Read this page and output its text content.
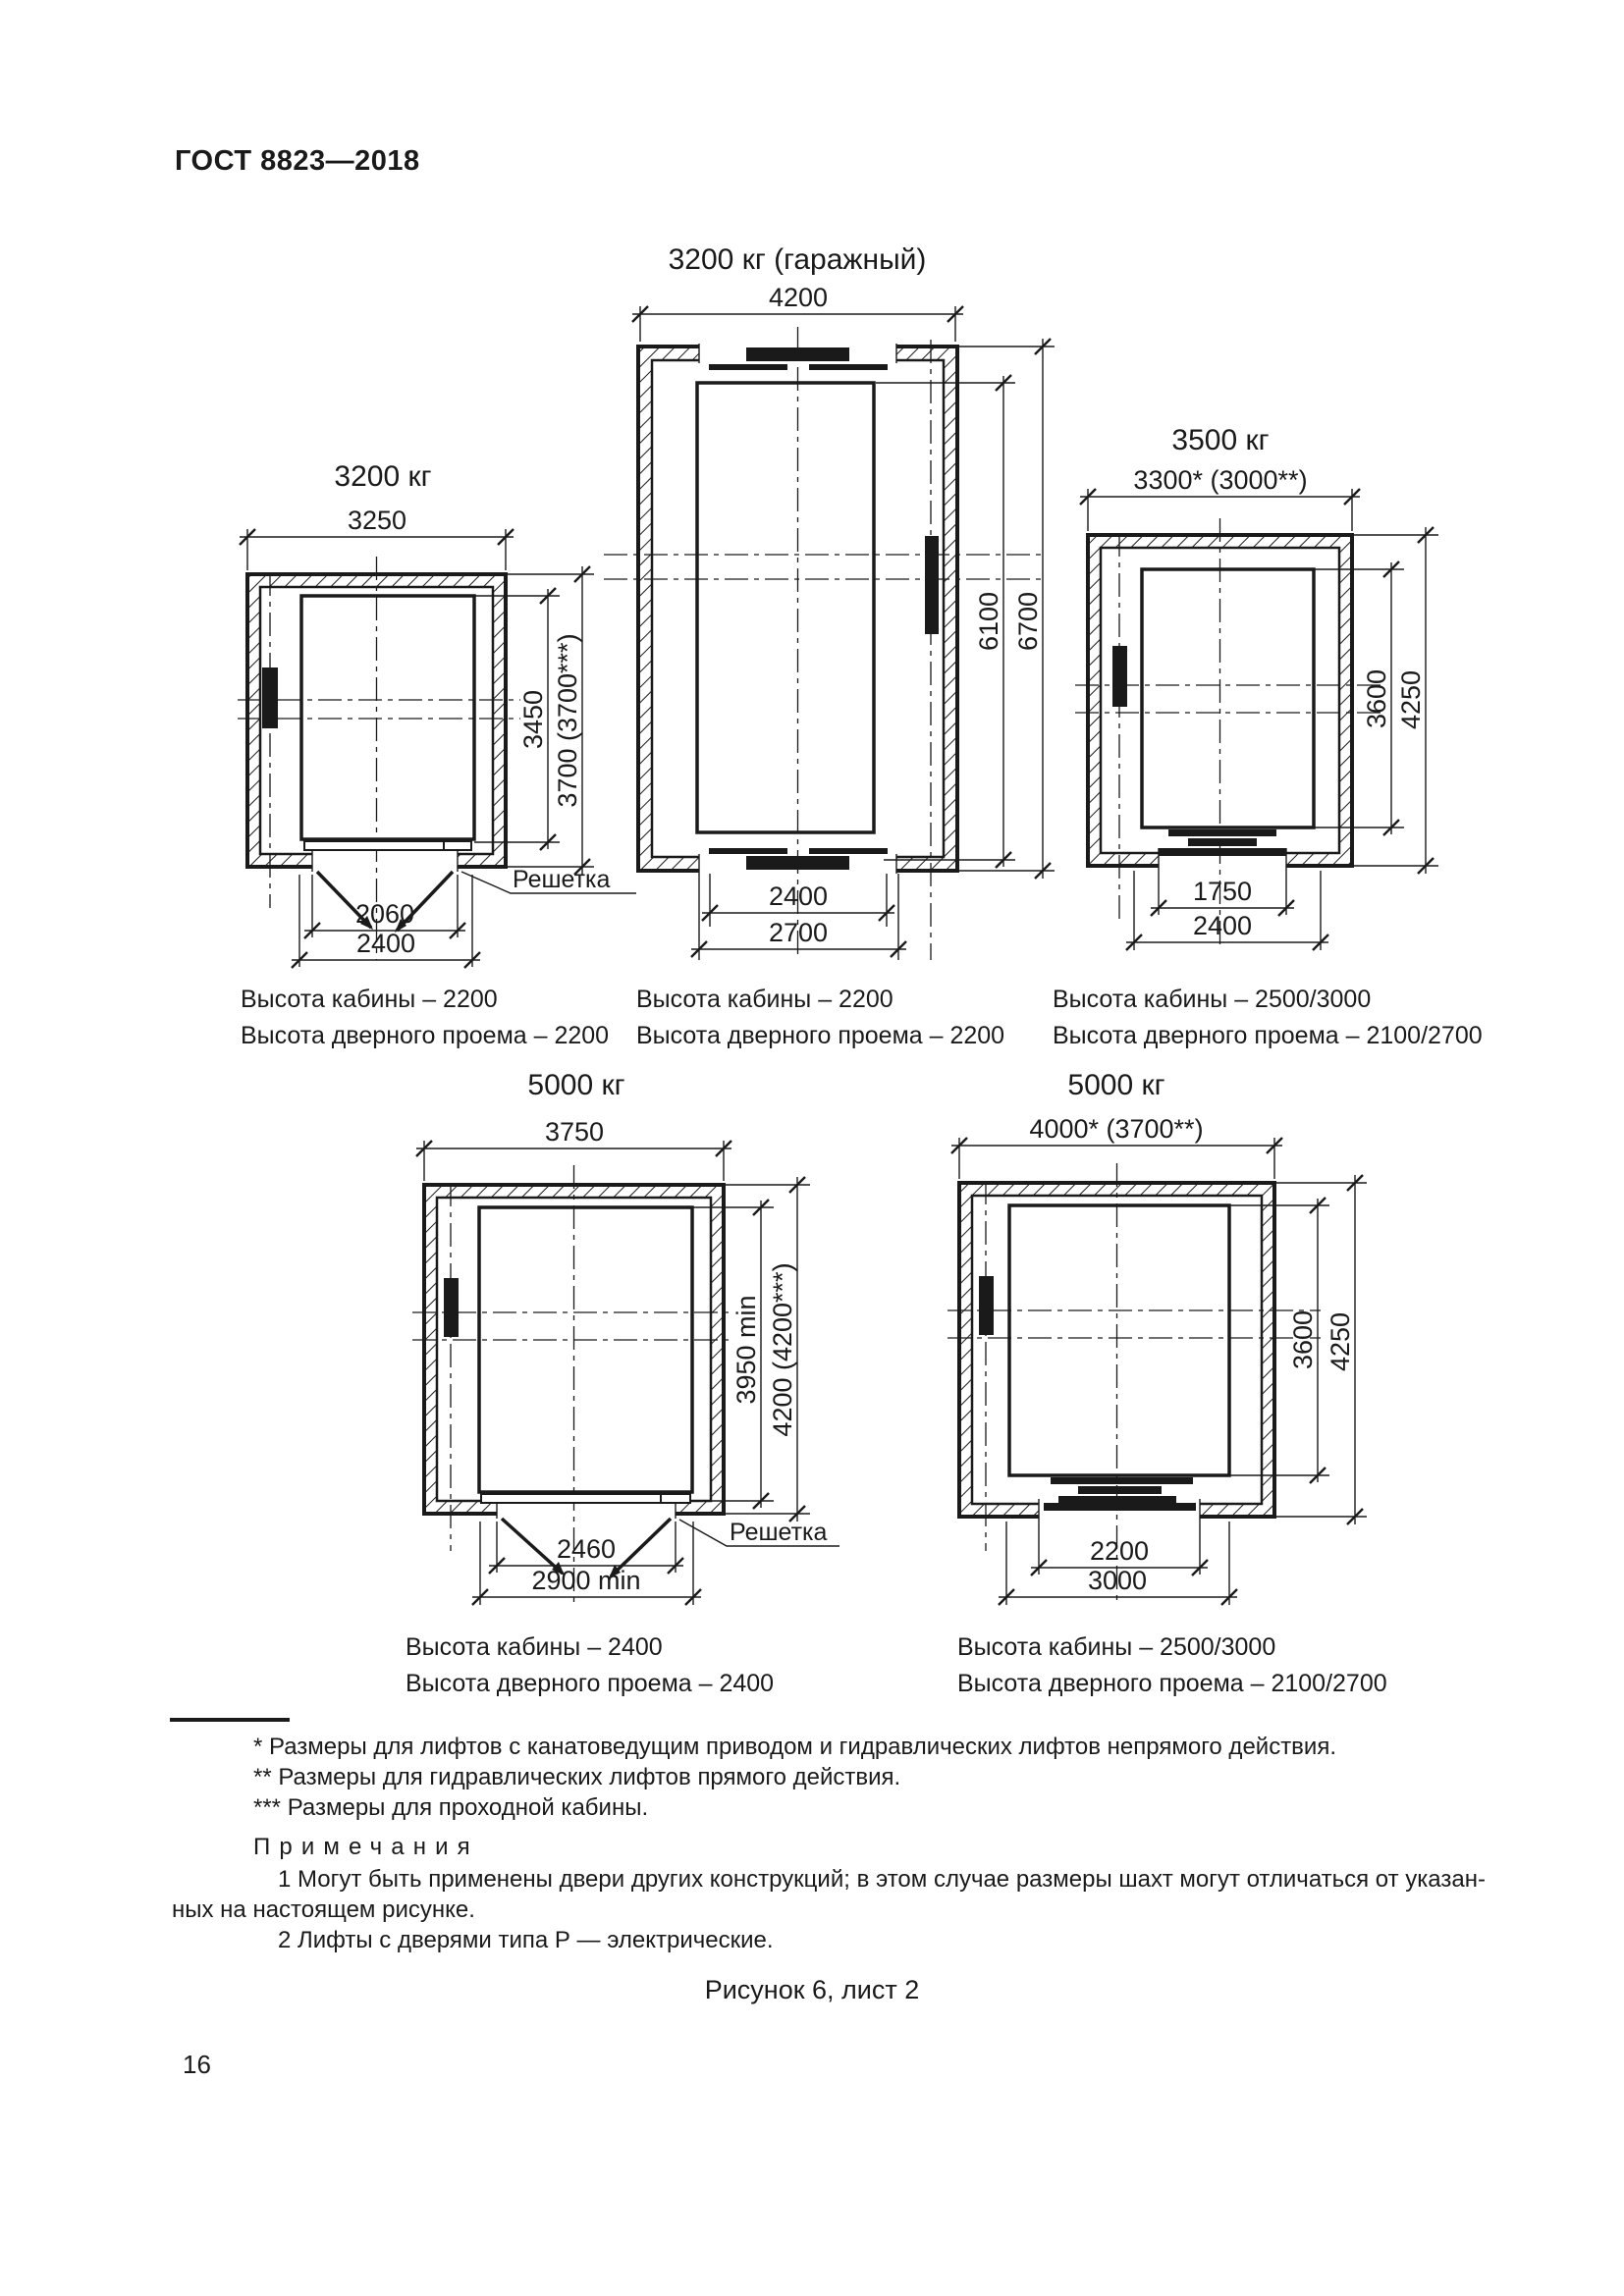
ГОСТ 8823—2018
3200 кг
3250
3450 3700 (3700***)
2060
2400
Решетка
3200 кг (гаражный)
4200
6100 6700
2400
2700
3500 кг
3300* (3000**)
3600 4250
1750
2400
5000 кг
3750
3950 min 4200 (4200***)
2460
2900 min
Решетка
5000 кг
4000* (3700**)
3600 4250
2200
3000
Высота кабины – 2200
Высота дверного проема – 2200
Высота кабины – 2200
Высота дверного проема – 2200
Высота кабины – 2500/3000
Высота дверного проема – 2100/2700
Высота кабины – 2400
Высота дверного проема – 2400
Высота кабины – 2500/3000
Высота дверного проема – 2100/2700
* Размеры для лифтов с канатоведущим приводом и гидравлических лифтов непрямого действия.
** Размеры для гидравлических лифтов прямого действия.
*** Размеры для проходной кабины.
Примечания
1 Могут быть применены двери других конструкций; в этом случае размеры шахт могут отличаться от указан-
ных на настоящем рисунке.
2 Лифты с дверями типа Р — электрические.
Рисунок 6, лист 2
16
